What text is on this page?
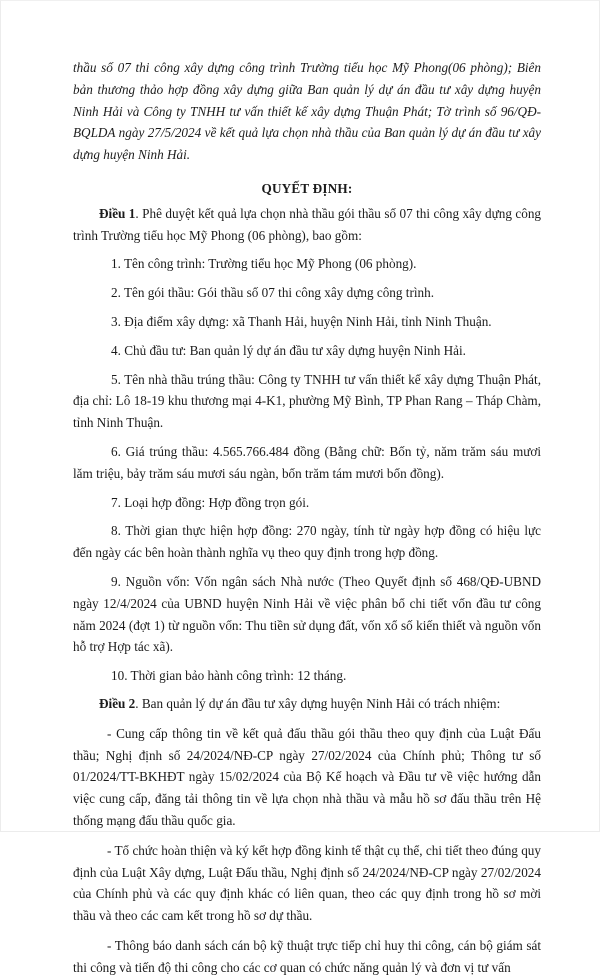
thầu số 07 thi công xây dựng công trình Trường tiểu học Mỹ Phong(06 phòng); Biên bản thương thảo hợp đồng xây dựng giữa Ban quản lý dự án đầu tư xây dựng huyện Ninh Hải và Công ty TNHH tư vấn thiết kế xây dựng Thuận Phát; Tờ trình số 96/QĐ-BQLDA ngày 27/5/2024 về kết quả lựa chọn nhà thầu của Ban quản lý dự án đầu tư xây dựng huyện Ninh Hải.

QUYẾT ĐỊNH:

Điều 1. Phê duyệt kết quả lựa chọn nhà thầu gói thầu số 07 thi công xây dựng công trình Trường tiểu học Mỹ Phong (06 phòng), bao gồm:

1. Tên công trình: Trường tiểu học Mỹ Phong (06 phòng).

2. Tên gói thầu: Gói thầu số 07 thi công xây dựng công trình.

3. Địa điểm xây dựng: xã Thanh Hải, huyện Ninh Hải, tỉnh Ninh Thuận.

4. Chủ đầu tư: Ban quản lý dự án đầu tư xây dựng huyện Ninh Hải.

5. Tên nhà thầu trúng thầu: Công ty TNHH tư vấn thiết kế xây dựng Thuận Phát, địa chỉ: Lô 18-19 khu thương mại 4-K1, phường Mỹ Bình, TP Phan Rang – Tháp Chàm, tỉnh Ninh Thuận.

6. Giá trúng thầu: 4.565.766.484 đồng (Bằng chữ: Bốn tỷ, năm trăm sáu mươi lăm triệu, bảy trăm sáu mươi sáu ngàn, bốn trăm tám mươi bốn đồng).

7. Loại hợp đồng: Hợp đồng trọn gói.

8. Thời gian thực hiện hợp đồng: 270 ngày, tính từ ngày hợp đồng có hiệu lực đến ngày các bên hoàn thành nghĩa vụ theo quy định trong hợp đồng.

9. Nguồn vốn: Vốn ngân sách Nhà nước (Theo Quyết định số 468/QĐ-UBND ngày 12/4/2024 của UBND huyện Ninh Hải về việc phân bổ chi tiết vốn đầu tư công năm 2024 (đợt 1) từ nguồn vốn: Thu tiền sử dụng đất, vốn xổ số kiến thiết và nguồn vốn hỗ trợ Hợp tác xã).

10. Thời gian bảo hành công trình: 12 tháng.

Điều 2. Ban quản lý dự án đầu tư xây dựng huyện Ninh Hải có trách nhiệm:

- Cung cấp thông tin về kết quả đấu thầu gói thầu theo quy định của Luật Đấu thầu; Nghị định số 24/2024/NĐ-CP ngày 27/02/2024 của Chính phủ; Thông tư số 01/2024/TT-BKHĐT ngày 15/02/2024 của Bộ Kế hoạch và Đầu tư về việc hướng dẫn việc cung cấp, đăng tải thông tin về lựa chọn nhà thầu và mẫu hồ sơ đấu thầu trên Hệ thống mạng đấu thầu quốc gia.

- Tổ chức hoàn thiện và ký kết hợp đồng kinh tế thật cụ thể, chi tiết theo đúng quy định của Luật Xây dựng, Luật Đấu thầu, Nghị định số 24/2024/NĐ-CP ngày 27/02/2024 của Chính phủ và các quy định khác có liên quan, theo các quy định trong hồ sơ mời thầu và theo các cam kết trong hồ sơ dự thầu.

- Thông báo danh sách cán bộ kỹ thuật trực tiếp chỉ huy thi công, cán bộ giám sát thi công và tiến độ thi công cho các cơ quan có chức năng quản lý và đơn vị tư vấn
